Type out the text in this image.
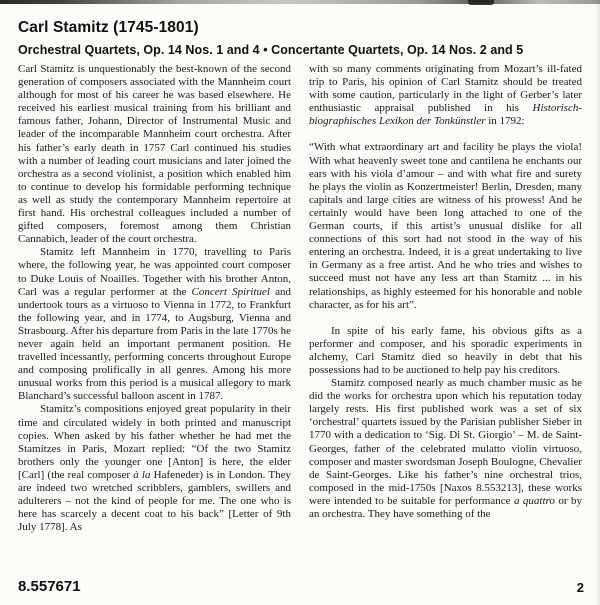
Carl Stamitz (1745-1801)
Orchestral Quartets, Op. 14 Nos. 1 and 4 • Concertante Quartets, Op. 14 Nos. 2 and 5

Carl Stamitz is unquestionably the best-known of the second generation of composers associated with the Mannheim court although for most of his career he was based elsewhere. He received his earliest musical training from his brilliant and famous father, Johann, Director of Instrumental Music and leader of the incomparable Mannheim court orchestra. After his father’s early death in 1757 Carl continued his studies with a number of leading court musicians and later joined the orchestra as a second violinist, a position which enabled him to continue to develop his formidable performing technique as well as study the contemporary Mannheim repertoire at first hand. His orchestral colleagues included a number of gifted composers, foremost among them Christian Cannabich, leader of the court orchestra.

Stamitz left Mannheim in 1770, travelling to Paris where, the following year, he was appointed court composer to Duke Louis of Noailles. Together with his brother Anton, Carl was a regular performer at the Concert Spirituel and undertook tours as a virtuoso to Vienna in 1772, to Frankfurt the following year, and in 1774, to Augsburg, Vienna and Strasbourg. After his departure from Paris in the late 1770s he never again held an important permanent position. He travelled incessantly, performing concerts throughout Europe and composing prolifically in all genres. Among his more unusual works from this period is a musical allegory to mark Blanchard’s successful balloon ascent in 1787.

Stamitz’s compositions enjoyed great popularity in their time and circulated widely in both printed and manuscript copies. When asked by his father whether he had met the Stamitzes in Paris, Mozart replied: “Of the two Stamitz brothers only the younger one [Anton] is here, the elder [Carl] (the real composer à la Hafeneder) is in London. They are indeed two wretched scribblers, gamblers, swillers and adulterers – not the kind of people for me. The one who is here has scarcely a decent coat to his back” [Letter of 9th July 1778]. As

with so many comments originating from Mozart’s ill-fated trip to Paris, his opinion of Carl Stamitz should be treated with some caution, particularly in the light of Gerber’s later enthusiastic appraisal published in his Historisch-biographisches Lexikon der Tonkünstler in 1792:

“With what extraordinary art and facility he plays the viola! With what heavenly sweet tone and cantilena he enchants our ears with his viola d’amour – and with what fire and surety he plays the violin as Konzertmeister! Berlin, Dresden, many capitals and large cities are witness of his prowess! And he certainly would have been long attached to one of the German courts, if this artist’s unusual dislike for all connections of this sort had not stood in the way of his entering an orchestra. Indeed, it is a great undertaking to live in Germany as a free artist. And he who tries and wishes to succeed must not have any less art than Stamitz ... in his relationships, as highly esteemed for his honorable and noble character, as for his art”.

In spite of his early fame, his obvious gifts as a performer and composer, and his sporadic experiments in alchemy, Carl Stamitz died so heavily in debt that his possessions had to be auctioned to help pay his creditors.

Stamitz composed nearly as much chamber music as he did the works for orchestra upon which his reputation today largely rests. His first published work was a set of six ‘orchestral’ quartets issued by the Parisian publisher Sieber in 1770 with a dedication to ‘Sig. Di St. Giorgio’ – M. de Saint-Georges, father of the celebrated mulatto violin virtuoso, composer and master swordsman Joseph Boulogne, Chevalier de Saint-Georges. Like his father’s nine orchestral trios, composed in the mid-1750s [Naxos 8.553213], these works were intended to be suitable for performance a quattro or by an orchestra. They have something of the

8.557671	2
